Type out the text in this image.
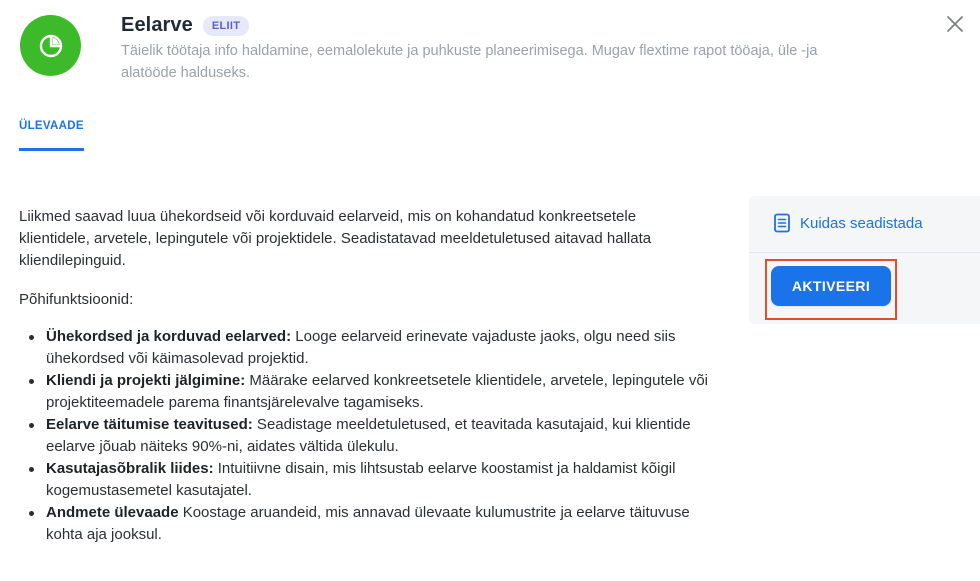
Eelarve	ELIIT
Täielik töötaja info haldamine, eemalolekute ja puhkuste planeerimisega. Mugav flextime rapot tööaja, üle -ja alatööde halduseks.
ÜLEVAADE

Liikmed saavad luua ühekordseid või korduvaid eelarveid, mis on kohandatud konkreetsetele klientidele, arvetele, lepingutele või projektidele. Seadistatavad meeldetuletused aitavad hallata kliendilepinguid.

Põhifunktsioonid:

Ühekordsed ja korduvad eelarved: Looge eelarveid erinevate vajaduste jaoks, olgu need siis ühekordsed või käimasolevad projektid.
Kliendi ja projekti jälgimine: Määrake eelarved konkreetsetele klientidele, arvetele, lepingutele või projektiteemadele parema finantsjärelevalve tagamiseks.
Eelarve täitumise teavitused: Seadistage meeldetuletused, et teavitada kasutajaid, kui klientide eelarve jõuab näiteks 90%-ni, aidates vältida ülekulu.
Kasutajasõbralik liides: Intuitiivne disain, mis lihtsustab eelarve koostamist ja haldamist kõigil kogemustasemetel kasutajatel.
Andmete ülevaade Koostage aruandeid, mis annavad ülevaate kulumustrite ja eelarve täituvuse kohta aja jooksul.
Kuidas seadistada
AKTIVEERI
